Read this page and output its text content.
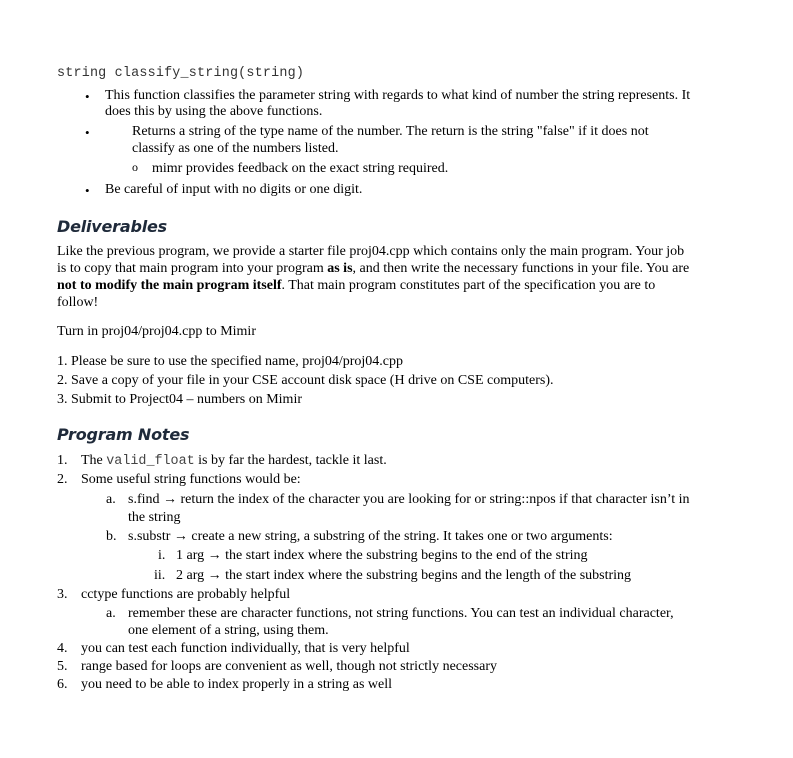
string classify_string(string)
• This function classifies the parameter string with regards to what kind of number the string represents. It
does this by using the above functions.
•	Returns a string of the type name of the number. The return is the string "false" if it does not
classify as one of the numbers listed.
o mimr provides feedback on the exact string required.
• Be careful of input with no digits or one digit.
Deliverables
Like the previous program, we provide a starter file proj04.cpp which contains only the main program. Your job
is to copy that main program into your program as is, and then write the necessary functions in your file. You are
not to modify the main program itself. That main program constitutes part of the specification you are to
follow!
Turn in proj04/proj04.cpp to Mimir
1. Please be sure to use the specified name, proj04/proj04.cpp
2. Save a copy of your file in your CSE account disk space (H drive on CSE computers).
3. Submit to Project04 – numbers on Mimir
Program Notes
1. The valid_float is by far the hardest, tackle it last.
2. Some useful string functions would be:
a. s.find → return the index of the character you are looking for or string::npos if that character isn’t in
the string
b. s.substr → create a new string, a substring of the string. It takes one or two arguments:
i. 1 arg → the start index where the substring begins to the end of the string
ii. 2 arg → the start index where the substring begins and the length of the substring
3. cctype functions are probably helpful
a. remember these are character functions, not string functions. You can test an individual character,
one element of a string, using them.
4. you can test each function individually, that is very helpful
5. range based for loops are convenient as well, though not strictly necessary
6. you need to be able to index properly in a string as well
